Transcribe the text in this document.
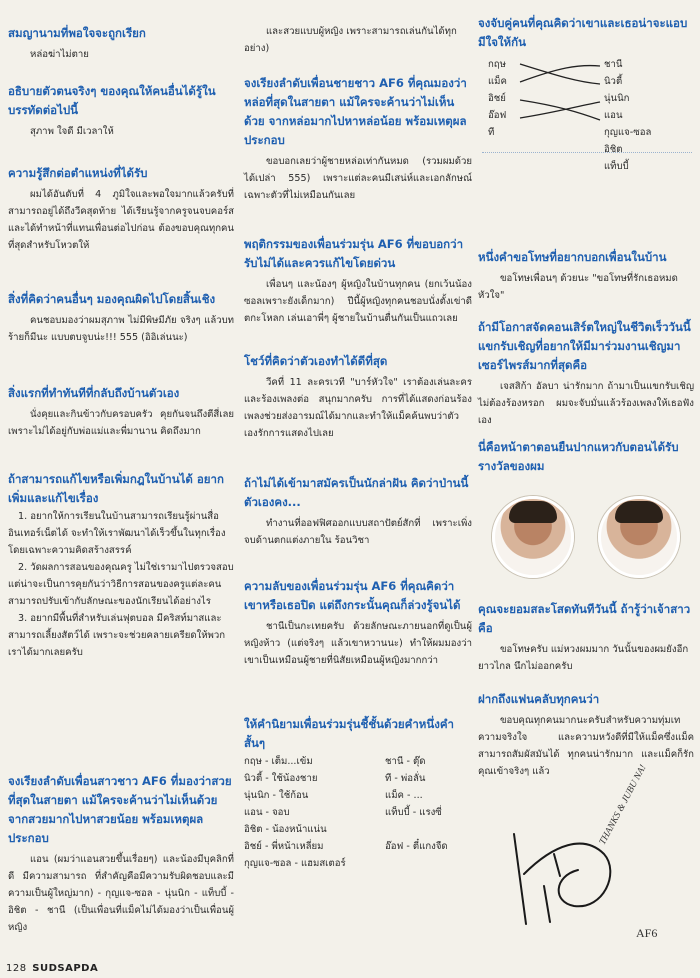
สมญานามที่พอใจจะถูกเรียก
หล่อฆ่าไม่ตาย
อธิบายตัวตนจริงๆ ของคุณให้คนอื่นได้รู้ในบรรทัดต่อไปนี้
สุภาพ ใจดี มีเวลาให้
ความรู้สึกต่อตำแหน่งที่ได้รับ
ผมได้อันดับที่ 4 ภูมิใจและพอใจมากแล้วครับที่สามารถอยู่ได้ถึงวีคสุดท้าย ได้เรียนรู้จากครูจนจบคอร์ส และได้ทำหน้าที่แทนเพื่อนต่อไปก่อน ต้องขอบคุณทุกคนที่สุดสำหรับโหวตให้
สิ่งที่คิดว่าคนอื่นๆ มองคุณผิดไปโดยสิ้นเชิง
คนชอบมองว่าผมสุภาพ ไม่มีพิษมีภัย จริงๆ แล้วบทร้ายก็มีนะ แบบตบจูบน่ะ!!! 555 (อิอิเล่นนะ)
สิ่งแรกที่ทำทันทีที่กลับถึงบ้านตัวเอง
นั่งคุยและกินข้าวกับครอบครัว คุยกันจนถึงตีสี่เลย เพราะไม่ได้อยู่กับพ่อแม่และพี่มานาน คิดถึงมาก
ถ้าสามารถแก้ไขหรือเพิ่มกฎในบ้านได้ อยากเพิ่มและแก้ไขเรื่อง
1. อยากให้การเรียนในบ้านสามารถเรียนรู้ผ่านสื่ออินเทอร์เน็ตได้ จะทำให้เราพัฒนาได้เร็วขึ้นในทุกเรื่อง โดยเฉพาะความคิดสร้างสรรค์
2. วัดผลการสอนของคุณครู ไม่ใช่เรามาไปตรวจสอบ แต่น่าจะเป็นการคุยกันว่าวิธีการสอนของครูแต่ละคนสามารถปรับเข้ากับลักษณะของนักเรียนได้อย่างไร
3. อยากมีพื้นที่สำหรับเล่นฟุตบอล มีคริสท์มาสและสามารถเลี้ยงสัตว์ได้ เพราะจะช่วยคลายเครียดให้พวกเราได้มากเลยครับ
จงเรียงลำดับเพื่อนสาวชาว AF6 ที่มองว่าสวยที่สุดในสายตา แม้ใครจะค้านว่าไม่เห็นด้วย จากสวยมากไปหาสวยน้อย พร้อมเหตุผลประกอบ
แอน (ผมว่าแอนสวยขึ้นเรื่อยๆ) และน้องมีบุคลิกที่ดี มีความสามารถ ที่สำคัญคือมีความรับผิดชอบและมีความเป็นผู้ใหญ่มาก) - กุญแจ-ซอล - นุ่นนิก - แท็บบี้ - อิชิต - ชานี (เป็นเพื่อนที่แม็คไม่ได้มองว่าเป็นเพื่อนผู้หญิง
และสวยแบบผู้หญิง เพราะสามารถเล่นกันได้ทุกอย่าง)
จงเรียงลำดับเพื่อนชายชาว AF6 ที่คุณมองว่าหล่อที่สุดในสายตา แม้ใครจะค้านว่าไม่เห็นด้วย จากหล่อมากไปหาหล่อน้อย พร้อมเหตุผลประกอบ
ขอบอกเลยว่าผู้ชายหล่อเท่ากันหมด (รวมผมด้วยได้เปล่า 555) เพราะแต่ละคนมีเสน่ห์และเอกลักษณ์เฉพาะตัวที่ไม่เหมือนกันเลย
พฤติกรรมของเพื่อนร่วมรุ่น AF6 ที่ขอบอกว่ารับไม่ได้และควรแก้ไขโดยด่วน
เพื่อนๆ และน้องๆ ผู้หญิงในบ้านทุกคน (ยกเว้นน้องซอลเพราะยังเด็กมาก) ปีนี้ผู้หญิงทุกคนชอบนั่งตั้งเข่าดีตกะโหลก เล่นเอาพี่ๆ ผู้ชายในบ้านตื่นกันเป็นแถวเลย
โชว์ที่คิดว่าตัวเองทำได้ดีที่สุด
วีคที่ 11 ละครเวที "บาร์หัวใจ" เราต้องเล่นละครและร้องเพลงต่อ สนุกมากครับ การที่ได้แสดงก่อนร้องเพลงช่วยส่งอารมณ์ได้มากและทำให้แม็คค้นพบว่าตัวเองรักการแสดงไปเลย
ถ้าไม่ได้เข้ามาสมัครเป็นนักล่าฝัน คิดว่าป่านนี้ตัวเองคง...
ทำงานที่ออฟฟิศออกแบบสถาปัตย์สักที่ เพราะเพิ่งจบด้านตกแต่งภายใน ร้อนวิชา
ความลับของเพื่อนร่วมรุ่น AF6 ที่คุณคิดว่าเขาหรือเธอปิด แต่ถึงกระนั้นคุณก็ล่วงรู้จนได้
ชานีเป็นกะเทยครับ ด้วยลักษณะภายนอกที่ดูเป็นผู้หญิงห้าว (แต่จริงๆ แล้วเขาหวานนะ) ทำให้ผมมองว่าเขาเป็นเหมือนผู้ชายที่นิสัยเหมือนผู้หญิงมากกว่า
ให้คำนิยามเพื่อนร่วมรุ่นชี้ชั้นด้วยคำหนึ่งคำสั้นๆ
กฤษ - เต็ม...เข้ม	ชานี - ตุ๊ด
นิวตี้ - ใช้น้องชาย	ที - พ่อลั่น
นุ่นนิก - ใช้ก้อน	แม็ค - ...
แอน - จอบ	แท็บบี้ - แรงซี่
อิชิต - น้องหน้าแน่น	
อิชย์ - พี่หน้าเหลี่ยม	อ๊อฟ - ตี๋แกงจืด
กุญแจ-ซอล - แฮมสเตอร์	
จงจับคู่คนที่คุณคิดว่าเขาและเธอน่าจะแอบมีใจให้กัน
กฤษ
แม็ค
อิชย์
อ๊อฟ
ที
ชานี
นิวตี้
นุ่นนิก
แอน
กุญแจ-ซอล
อิชิต
แท็บบี้
หนึ่งคำขอโทษที่อยากบอกเพื่อนในบ้าน
ขอโทษเพื่อนๆ ด้วยนะ "ขอโทษที่รักเธอหมดหัวใจ"
ถ้ามีโอกาสจัดคอนเสิร์ตใหญ่ในชีวิตเร็ววันนี้ แขกรับเชิญที่อยากให้มีมาร่วมงานเชิญมาเซอร์ไพรส์มากที่สุดคือ
เจสสิก้า อัลบา น่ารักมาก ถ้ามาเป็นแขกรับเชิญ ไม่ต้องร้องหรอก ผมจะจับมั่นแล้วร้องเพลงให้เธอฟังเอง
นี่คือหน้าตาตอนยืนปากแหวกับตอนได้รับรางวัลของผม
คุณจะยอมสละโสดทันทีวันนี้ ถ้ารู้ว่าเจ้าสาวคือ
ขอโทษครับ แม่หวงผมมาก วันนั้นของผมยังอีกยาวไกล นึกไม่ออกครับ
ฝากถึงแฟนคลับทุกคนว่า
ขอบคุณทุกคนมากนะครับสำหรับความทุ่มเท ความจริงใจ และความหวังดีที่มีให้แม็คซึ่งแม็คสามารถสัมผัสมันได้ ทุกคนน่ารักมาก และแม็คก็รักคุณเข้าจริงๆ แล้ว	THANKS & JUBU NA!
AF6
128 SUDSAPDA
